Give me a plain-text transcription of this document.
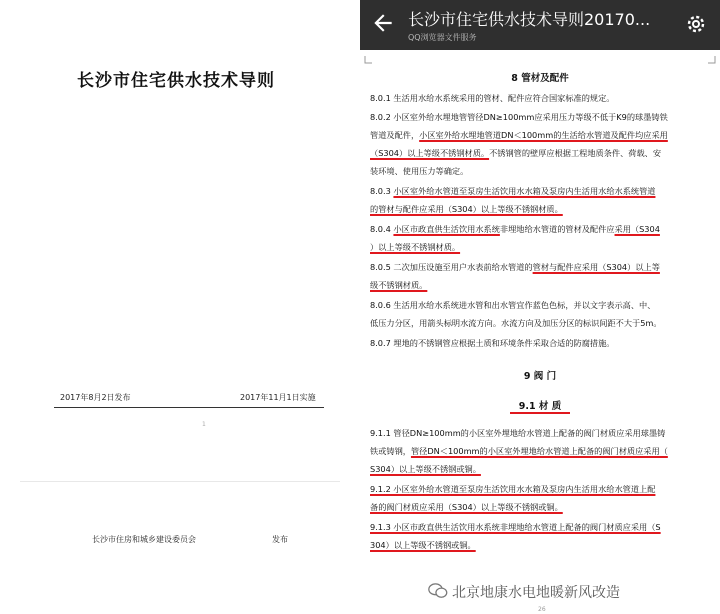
长沙市住宅供水技术导则
2017年8月2日发布	2017年11月1日实施
1
长沙市住房和城乡建设委员会	发布
长沙市住宅供水技术导则20170...
QQ浏览器文件服务
8 管材及配件
8.0.1 生活用水给水系统采用的管材、配件应符合国家标准的规定。
8.0.2 小区室外给水埋地管管径DN≥100mm应采用压力等级不低于K9的球墨铸铁
管道及配件，小区室外给水埋地管道DN＜100mm的生活给水管道及配件均应采用
（S304）以上等级不锈钢材质。不锈钢管的壁厚应根据工程地质条件、荷载、安
装环境、使用压力等确定。
8.0.3 小区室外给水管道至泵房生活饮用水水箱及泵房内生活用水给水系统管道
的管材与配件应采用（S304）以上等级不锈钢材质。
8.0.4 小区市政直供生活饮用水系统非埋地给水管道的管材及配件应采用（S304
）以上等级不锈钢材质。
8.0.5 二次加压设施至用户水表前给水管道的管材与配件应采用（S304）以上等
级不锈钢材质。
8.0.6 生活用水给水系统进水管和出水管宜作蓝色色标，并以文字表示高、中、
低压力分区，用箭头标明水流方向。水流方向及加压分区的标识间距不大于5m。
8.0.7 埋地的不锈钢管应根据土质和环境条件采取合适的防腐措施。
9 阀 门
9.1 材 质
9.1.1 管径DN≥100mm的小区室外埋地给水管道上配备的阀门材质应采用球墨铸
铁或铸钢，管径DN＜100mm的小区室外埋地给水管道上配备的阀门材质应采用（
S304）以上等级不锈钢或铜。
9.1.2 小区室外给水管道至泵房生活饮用水水箱及泵房内生活用水给水管道上配
备的阀门材质应采用（S304）以上等级不锈钢或铜。
9.1.3 小区市政直供生活饮用水系统非埋地给水管道上配备的阀门材质应采用（S
304）以上等级不锈钢或铜。
26
北京地康水电地暖新风改造
